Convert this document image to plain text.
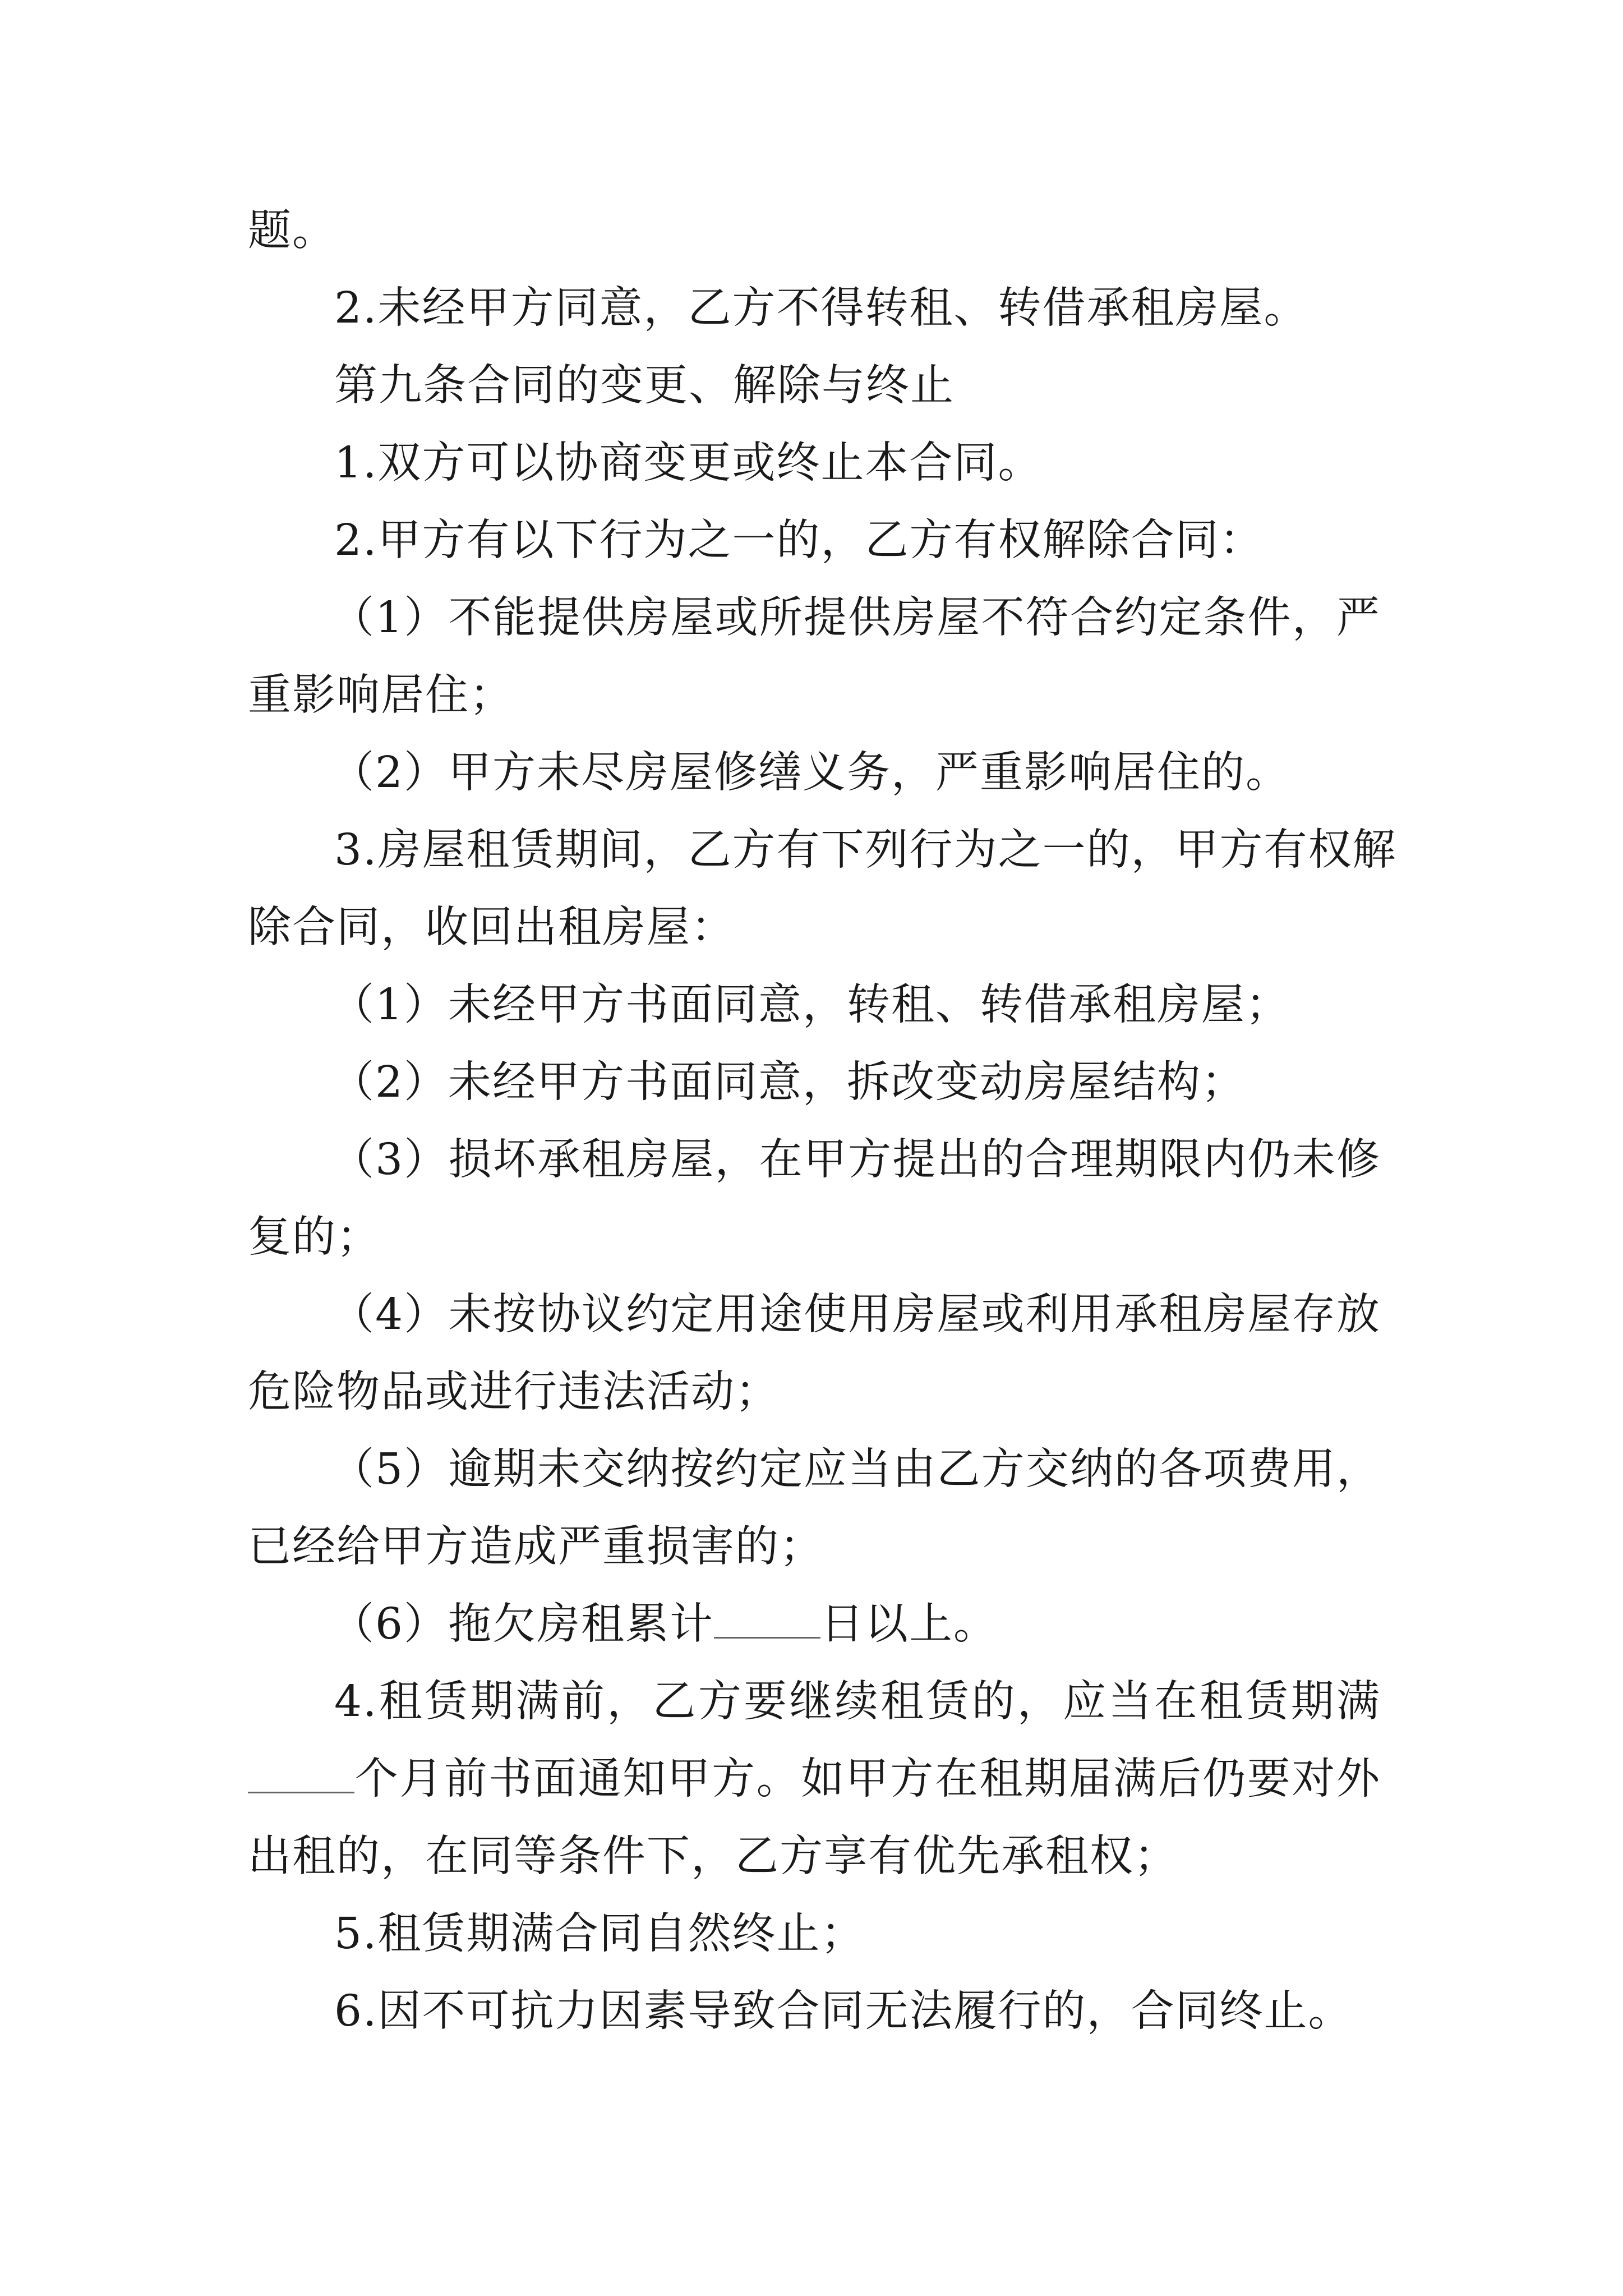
题。
2.未经甲方同意，乙方不得转租、转借承租房屋。
第九条合同的变更、解除与终止
1.双方可以协商变更或终止本合同。
2.甲方有以下行为之一的，乙方有权解除合同：
（1）不能提供房屋或所提供房屋不符合约定条件，严
重影响居住；
（2）甲方未尽房屋修缮义务，严重影响居住的。
3.房屋租赁期间，乙方有下列行为之一的，甲方有权解
除合同，收回出租房屋：
（1）未经甲方书面同意，转租、转借承租房屋；
（2）未经甲方书面同意，拆改变动房屋结构；
（3）损坏承租房屋，在甲方提出的合理期限内仍未修
复的；
（4）未按协议约定用途使用房屋或利用承租房屋存放
危险物品或进行违法活动；
（5）逾期未交纳按约定应当由乙方交纳的各项费用，
已经给甲方造成严重损害的；
（6）拖欠房租累计 日以上。
4.租赁期满前，乙方要继续租赁的，应当在租赁期满
个月前书面通知甲方。如甲方在租期届满后仍要对外
出租的，在同等条件下，乙方享有优先承租权；
5.租赁期满合同自然终止；
6.因不可抗力因素导致合同无法履行的，合同终止。
